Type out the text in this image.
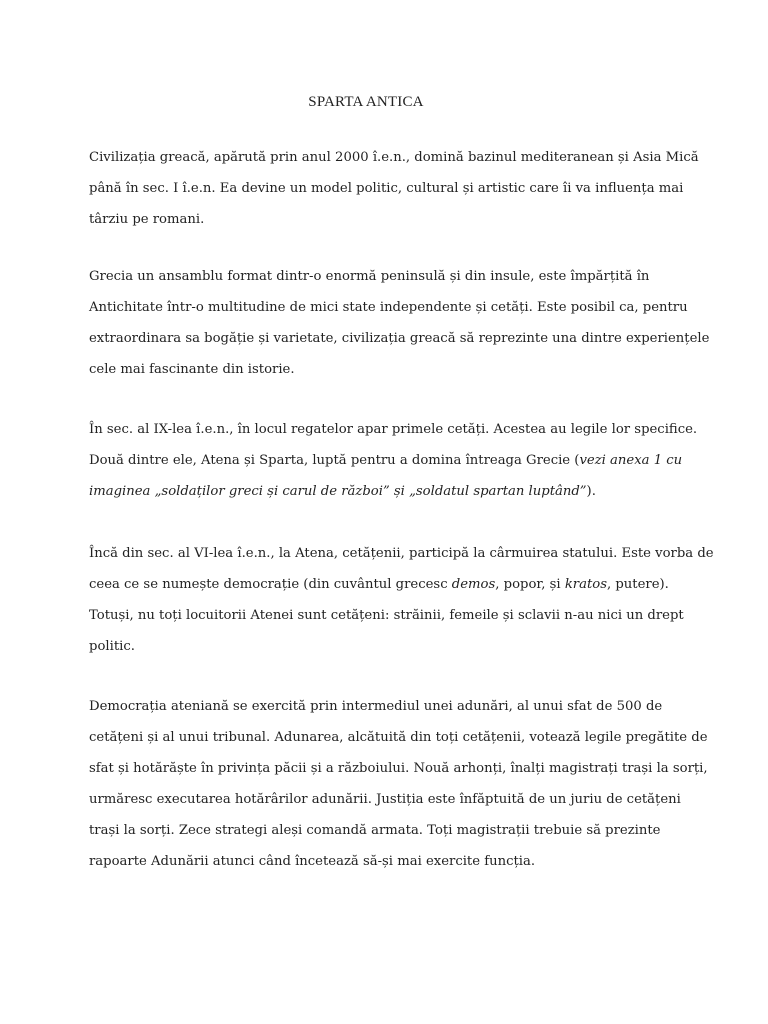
SPARTA ANTICA
Civilizația greacă, apărută prin anul 2000 î.e.n., domină bazinul mediteranean și Asia Mică
până în sec. I î.e.n. Ea devine un model politic, cultural și artistic care îi va influența mai
târziu pe romani.
Grecia un ansamblu format dintr-o enormă peninsulă și din insule, este împărțită în
Antichitate într-o multitudine de mici state independente și cetăți. Este posibil ca, pentru
extraordinara sa bogăție și varietate, civilizația greacă să reprezinte una dintre experiențele
cele mai fascinante din istorie.
În sec. al IX-lea î.e.n., în locul regatelor apar primele cetăți. Acestea au legile lor specifice.
Două dintre ele, Atena și Sparta, luptă pentru a domina întreaga Grecie (vezi anexa 1 cu
imaginea „soldaților greci și carul de război” și „soldatul spartan luptând”).
Încă din sec. al VI-lea î.e.n., la Atena, cetățenii, participă la cârmuirea statului. Este vorba de
ceea ce se numește democrație (din cuvântul grecesc demos, popor, și kratos, putere).
Totuși, nu toți locuitorii Atenei sunt cetățeni: străinii, femeile și sclavii n-au nici un drept
politic.
Democrația ateniană se exercită prin intermediul unei adunări, al unui sfat de 500 de
cetățeni și al unui tribunal. Adunarea, alcătuită din toți cetățenii, votează legile pregătite de
sfat și hotărăște în privința păcii și a războiului. Nouă arhonți, înalți magistrați trași la sorți,
urmăresc executarea hotărârilor adunării. Justiția este înfăptuită de un juriu de cetățeni
trași la sorți. Zece strategi aleși comandă armata. Toți magistrații trebuie să prezinte
rapoarte Adunării atunci când încetează să-și mai exercite funcția.
